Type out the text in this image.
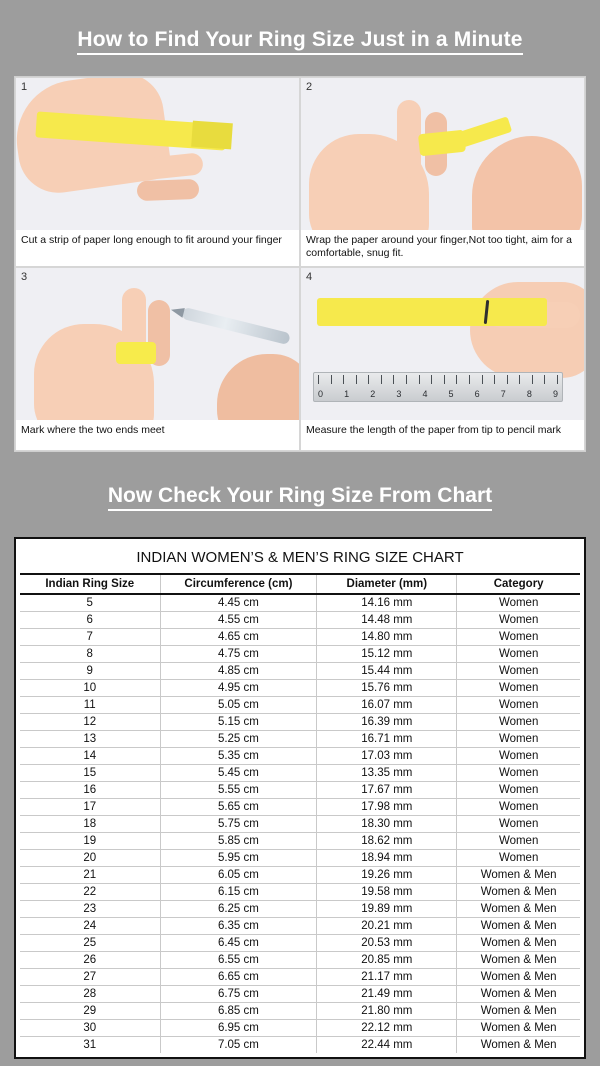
How to Find Your Ring Size Just in a Minute
1
Cut a strip of paper long enough to fit around your finger
2
Wrap the paper around your finger,Not too tight, aim for a comfortable, snug fit.
3
Mark where the two ends meet
4
0 1 2 3 4 5 6 7 8 9
Measure the length of the paper from tip to pencil mark
Now Check Your Ring Size From Chart
INDIAN WOMEN’S & MEN’S RING SIZE CHART
Indian Ring Size	Circumference (cm)	Diameter (mm)	Category
5	4.45 cm	14.16 mm	Women
6	4.55 cm	14.48 mm	Women
7	4.65 cm	14.80 mm	Women
8	4.75 cm	15.12 mm	Women
9	4.85 cm	15.44 mm	Women
10	4.95 cm	15.76 mm	Women
11	5.05 cm	16.07 mm	Women
12	5.15 cm	16.39 mm	Women
13	5.25 cm	16.71 mm	Women
14	5.35 cm	17.03 mm	Women
15	5.45 cm	13.35 mm	Women
16	5.55 cm	17.67 mm	Women
17	5.65 cm	17.98 mm	Women
18	5.75 cm	18.30 mm	Women
19	5.85 cm	18.62 mm	Women
20	5.95 cm	18.94 mm	Women
21	6.05 cm	19.26 mm	Women & Men
22	6.15 cm	19.58 mm	Women & Men
23	6.25 cm	19.89 mm	Women & Men
24	6.35 cm	20.21 mm	Women & Men
25	6.45 cm	20.53 mm	Women & Men
26	6.55 cm	20.85 mm	Women & Men
27	6.65 cm	21.17 mm	Women & Men
28	6.75 cm	21.49 mm	Women & Men
29	6.85 cm	21.80 mm	Women & Men
30	6.95 cm	22.12 mm	Women & Men
31	7.05 cm	22.44 mm	Women & Men
